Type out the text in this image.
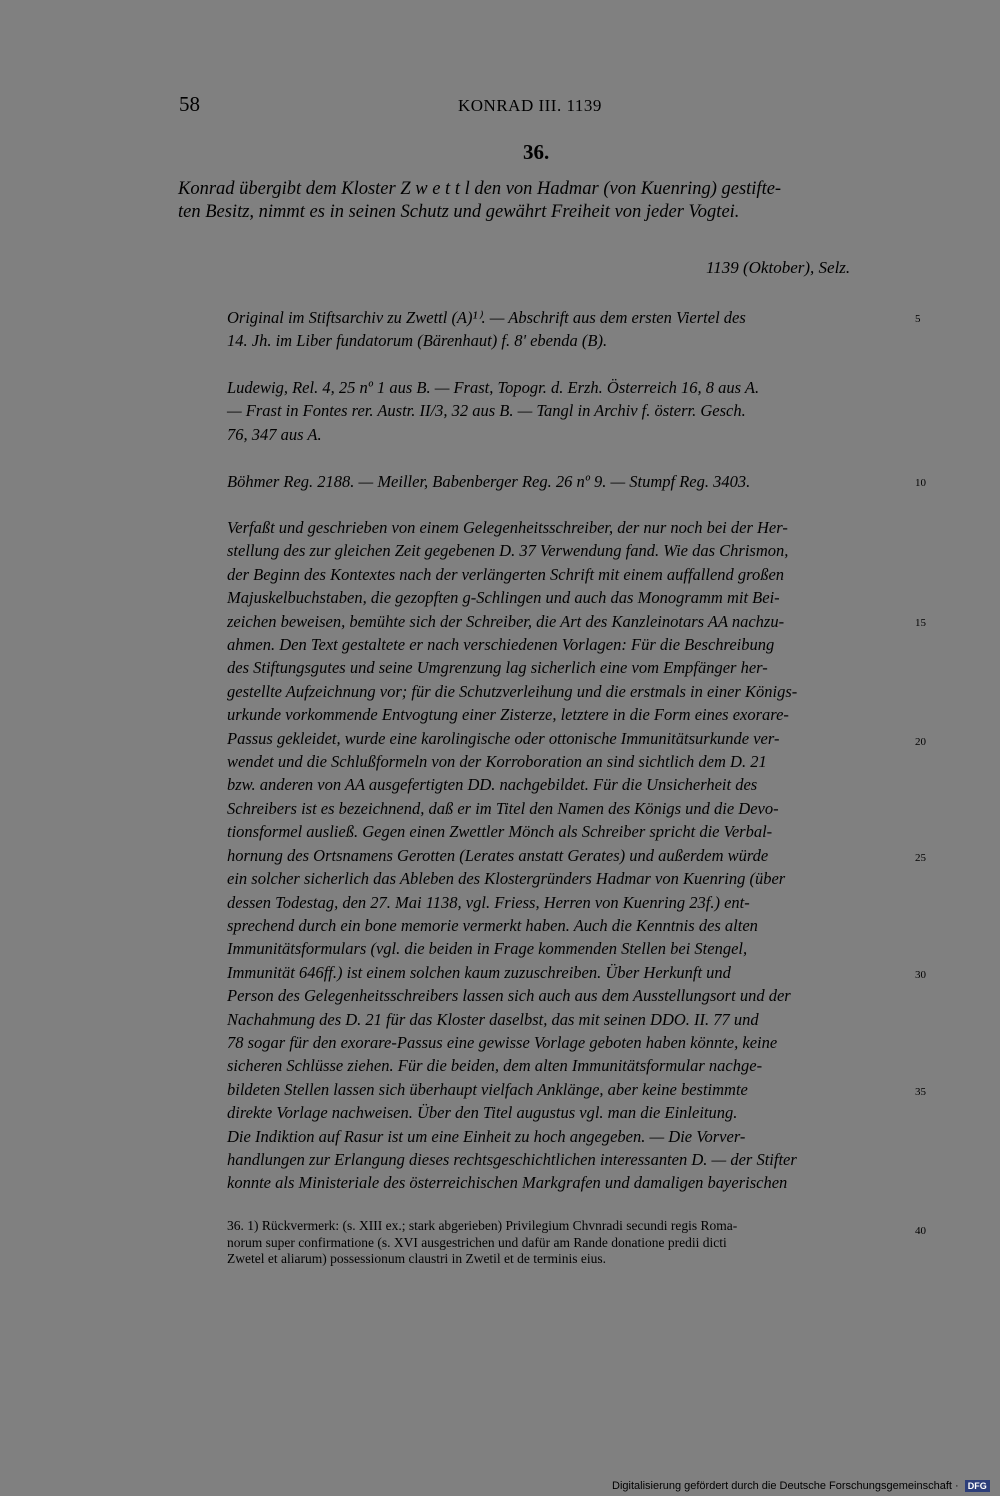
58	KONRAD III. 1139
36.
Konrad übergibt dem Kloster Z w e t t l den von Hadmar (von Kuenring) gestifte-
ten Besitz, nimmt es in seinen Schutz und gewährt Freiheit von jeder Vogtei.
1139 (Oktober), Selz.
Original im Stiftsarchiv zu Zwettl (A)¹⁾. — Abschrift aus dem ersten Viertel des
14. Jh. im Liber fundatorum (Bärenhaut) f. 8' ebenda (B).
Ludewig, Rel. 4, 25 nº 1 aus B. — Frast, Topogr. d. Erzh. Österreich 16, 8 aus A.
— Frast in Fontes rer. Austr. II/3, 32 aus B. — Tangl in Archiv f. österr. Gesch.
76, 347 aus A.
Böhmer Reg. 2188. — Meiller, Babenberger Reg. 26 nº 9. — Stumpf Reg. 3403.
Verfaßt und geschrieben von einem Gelegenheitsschreiber, der nur noch bei der Her-
stellung des zur gleichen Zeit gegebenen D. 37 Verwendung fand. Wie das Chrismon,
der Beginn des Kontextes nach der verlängerten Schrift mit einem auffallend großen
Majuskelbuchstaben, die gezopften g-Schlingen und auch das Monogramm mit Bei-
zeichen beweisen, bemühte sich der Schreiber, die Art des Kanzleinotars AA nachzu-
ahmen. Den Text gestaltete er nach verschiedenen Vorlagen: Für die Beschreibung
des Stiftungsgutes und seine Umgrenzung lag sicherlich eine vom Empfänger her-
gestellte Aufzeichnung vor; für die Schutzverleihung und die erstmals in einer Königs-
urkunde vorkommende Entvogtung einer Zisterze, letztere in die Form eines exorare-
Passus gekleidet, wurde eine karolingische oder ottonische Immunitätsurkunde ver-
wendet und die Schlußformeln von der Korroboration an sind sichtlich dem D. 21
bzw. anderen von AA ausgefertigten DD. nachgebildet. Für die Unsicherheit des
Schreibers ist es bezeichnend, daß er im Titel den Namen des Königs und die Devo-
tionsformel ausließ. Gegen einen Zwettler Mönch als Schreiber spricht die Verbal-
hornung des Ortsnamens Gerotten (Lerates anstatt Gerates) und außerdem würde
ein solcher sicherlich das Ableben des Klostergründers Hadmar von Kuenring (über
dessen Todestag, den 27. Mai 1138, vgl. Friess, Herren von Kuenring 23f.) ent-
sprechend durch ein bone memorie vermerkt haben. Auch die Kenntnis des alten
Immunitätsformulars (vgl. die beiden in Frage kommenden Stellen bei Stengel,
Immunität 646ff.) ist einem solchen kaum zuzuschreiben. Über Herkunft und
Person des Gelegenheitsschreibers lassen sich auch aus dem Ausstellungsort und der
Nachahmung des D. 21 für das Kloster daselbst, das mit seinen DDO. II. 77 und
78 sogar für den exorare-Passus eine gewisse Vorlage geboten haben könnte, keine
sicheren Schlüsse ziehen. Für die beiden, dem alten Immunitätsformular nachge-
bildeten Stellen lassen sich überhaupt vielfach Anklänge, aber keine bestimmte
direkte Vorlage nachweisen. Über den Titel augustus vgl. man die Einleitung.
Die Indiktion auf Rasur ist um eine Einheit zu hoch angegeben. — Die Vorver-
handlungen zur Erlangung dieses rechtsgeschichtlichen interessanten D. — der Stifter
konnte als Ministeriale des österreichischen Markgrafen und damaligen bayerischen
5
10
15
20
25
30
35
40
36. 1) Rückvermerk: (s. XIII ex.; stark abgerieben) Privilegium Chvnradi secundi regis Roma-
norum super confirmatione (s. XVI ausgestrichen und dafür am Rande donatione predii dicti
Zwetel et aliarum) possessionum claustri in Zwetil et de terminis eius.
Digitalisierung gefördert durch die Deutsche Forschungsgemeinschaft · DFG
